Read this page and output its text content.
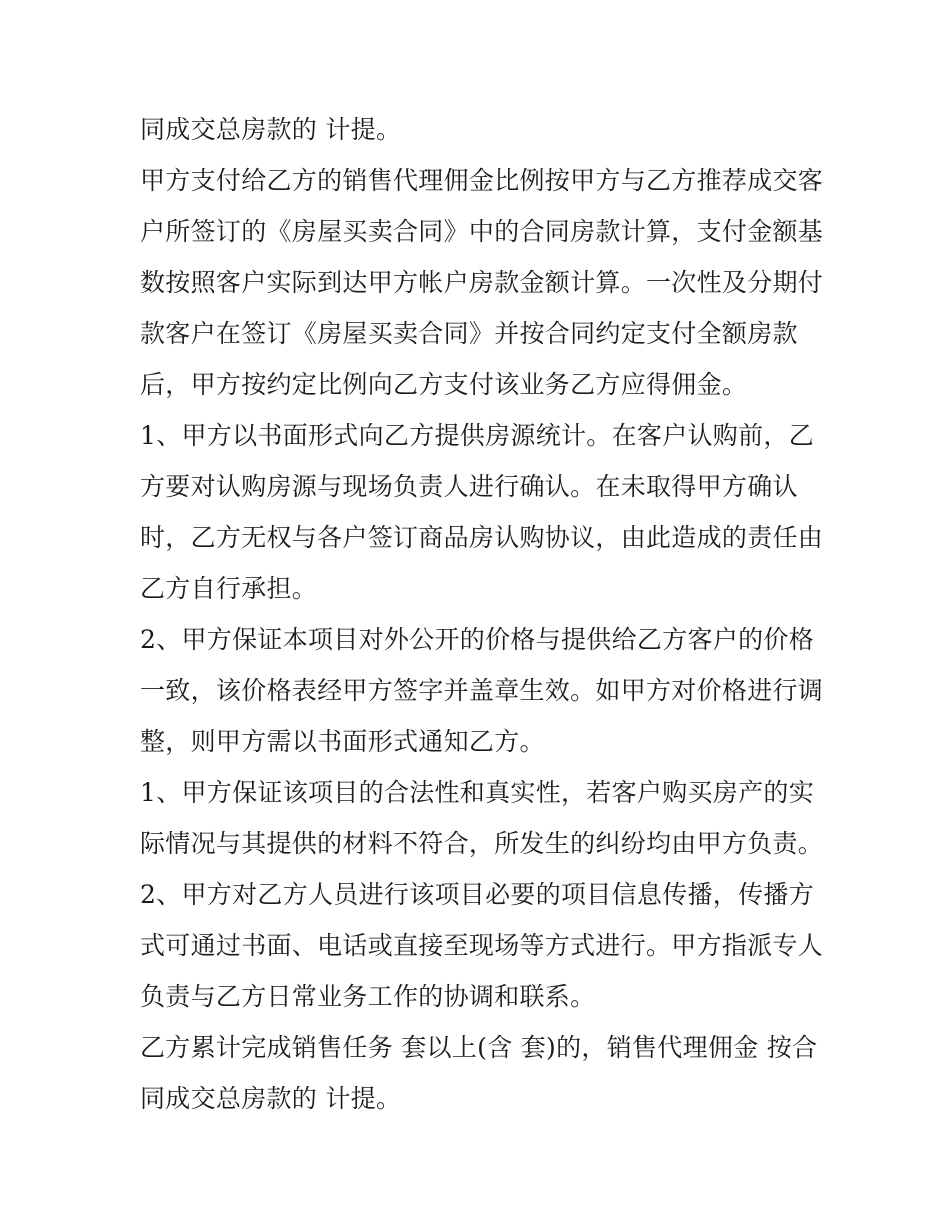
同成交总房款的 计提。
甲方支付给乙方的销售代理佣金比例按甲方与乙方推荐成交客
户所签订的《房屋买卖合同》中的合同房款计算，支付金额基
数按照客户实际到达甲方帐户房款金额计算。一次性及分期付
款客户在签订《房屋买卖合同》并按合同约定支付全额房款
后，甲方按约定比例向乙方支付该业务乙方应得佣金。
1、甲方以书面形式向乙方提供房源统计。在客户认购前，乙
方要对认购房源与现场负责人进行确认。在未取得甲方确认
时，乙方无权与各户签订商品房认购协议，由此造成的责任由
乙方自行承担。
2、甲方保证本项目对外公开的价格与提供给乙方客户的价格
一致，该价格表经甲方签字并盖章生效。如甲方对价格进行调
整，则甲方需以书面形式通知乙方。
1、甲方保证该项目的合法性和真实性，若客户购买房产的实
际情况与其提供的材料不符合，所发生的纠纷均由甲方负责。
2、甲方对乙方人员进行该项目必要的项目信息传播，传播方
式可通过书面、电话或直接至现场等方式进行。甲方指派专人
负责与乙方日常业务工作的协调和联系。
乙方累计完成销售任务 套以上(含 套)的，销售代理佣金 按合
同成交总房款的 计提。
